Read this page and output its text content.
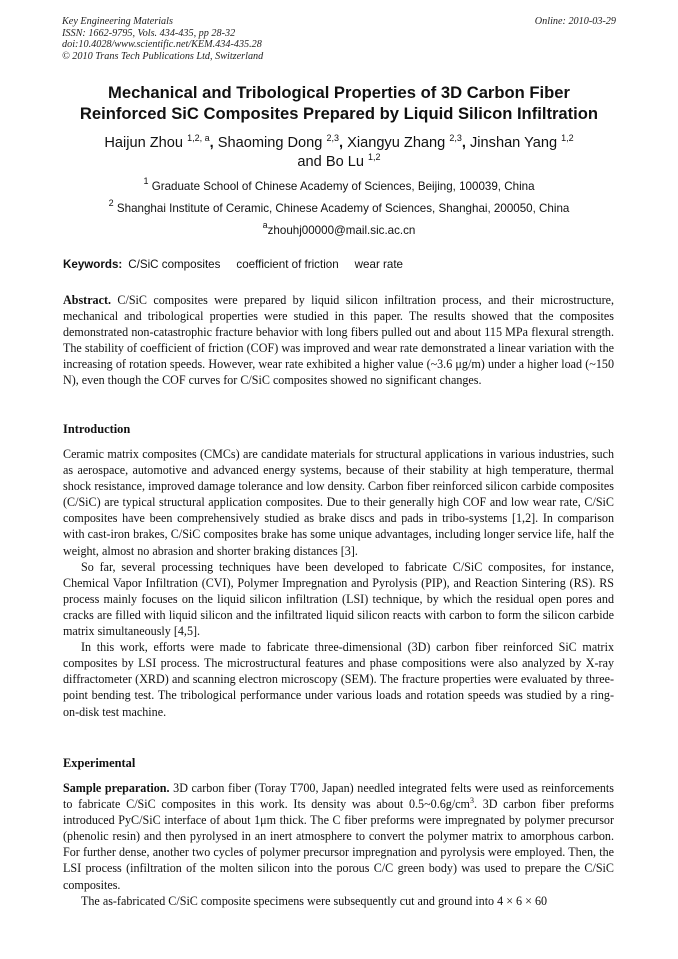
Key Engineering Materials
ISSN: 1662-9795, Vols. 434-435, pp 28-32
doi:10.4028/www.scientific.net/KEM.434-435.28
© 2010 Trans Tech Publications Ltd, Switzerland
Online: 2010-03-29
Mechanical and Tribological Properties of 3D Carbon Fiber
Reinforced SiC Composites Prepared by Liquid Silicon Infiltration
Haijun Zhou $^{1,2, a}$, Shaoming Dong $^{2,3}$, Xiangyu Zhang $^{2,3}$, Jinshan Yang $^{1,2}$
and Bo Lu $^{1,2}$
$^1$ Graduate School of Chinese Academy of Sciences, Beijing, 100039, China
$^2$ Shanghai Institute of Ceramic, Chinese Academy of Sciences, Shanghai, 200050, China
$^a$zhouhj00000@mail.sic.ac.cn
Keywords: C/SiC composites coefficient of friction wear rate

Abstract. C/SiC composites were prepared by liquid silicon infiltration process, and their microstructure, mechanical and tribological properties were studied in this paper. The results showed that the composites demonstrated non-catastrophic fracture behavior with long fibers pulled out and about 115 MPa flexural strength. The stability of coefficient of friction (COF) was improved and wear rate demonstrated a linear variation with the increasing of rotation speeds. However, wear rate exhibited a higher value (~3.6 μg/m) under a higher load (~150 N), even though the COF curves for C/SiC composites showed no significant changes.

Introduction

Ceramic matrix composites (CMCs) are candidate materials for structural applications in various industries, such as aerospace, automotive and advanced energy systems, because of their stability at high temperature, thermal shock resistance, improved damage tolerance and low density. Carbon fiber reinforced silicon carbide composites (C/SiC) are typical structural application composites. Due to their generally high COF and low wear rate, C/SiC composites have been comprehensively studied as brake discs and pads in tribo-systems [1,2]. In comparison with cast-iron brakes, C/SiC composites brake has some unique advantages, including longer service life, half the weight, almost no abrasion and shorter braking distances [3].

So far, several processing techniques have been developed to fabricate C/SiC composites, for instance, Chemical Vapor Infiltration (CVI), Polymer Impregnation and Pyrolysis (PIP), and Reaction Sintering (RS). RS process mainly focuses on the liquid silicon infiltration (LSI) technique, by which the residual open pores and cracks are filled with liquid silicon and the infiltrated liquid silicon reacts with carbon to form the silicon carbide matrix simultaneously [4,5].

In this work, efforts were made to fabricate three-dimensional (3D) carbon fiber reinforced SiC matrix composites by LSI process. The microstructural features and phase compositions were also analyzed by X-ray diffractometer (XRD) and scanning electron microscopy (SEM). The fracture properties were evaluated by three-point bending test. The tribological performance under various loads and rotation speeds was studied by a ring-on-disk test machine.

Experimental

Sample preparation. 3D carbon fiber (Toray T700, Japan) needled integrated felts were used as reinforcements to fabricate C/SiC composites in this work. Its density was about $0.5\sim 0.6g/cm^3$. 3D carbon fiber preforms introduced PyC/SiC interface of about 1μm thick. The C fiber preforms were impregnated by polymer precursor (phenolic resin) and then pyrolysed in an inert atmosphere to convert the polymer matrix to amorphous carbon. For further dense, another two cycles of polymer precursor impregnation and pyrolysis were employed. Then, the LSI process (infiltration of the molten silicon into the porous C/C green body) was used to prepare the C/SiC composites.

The as-fabricated C/SiC composite specimens were subsequently cut and ground into 4 × 6 × 60
